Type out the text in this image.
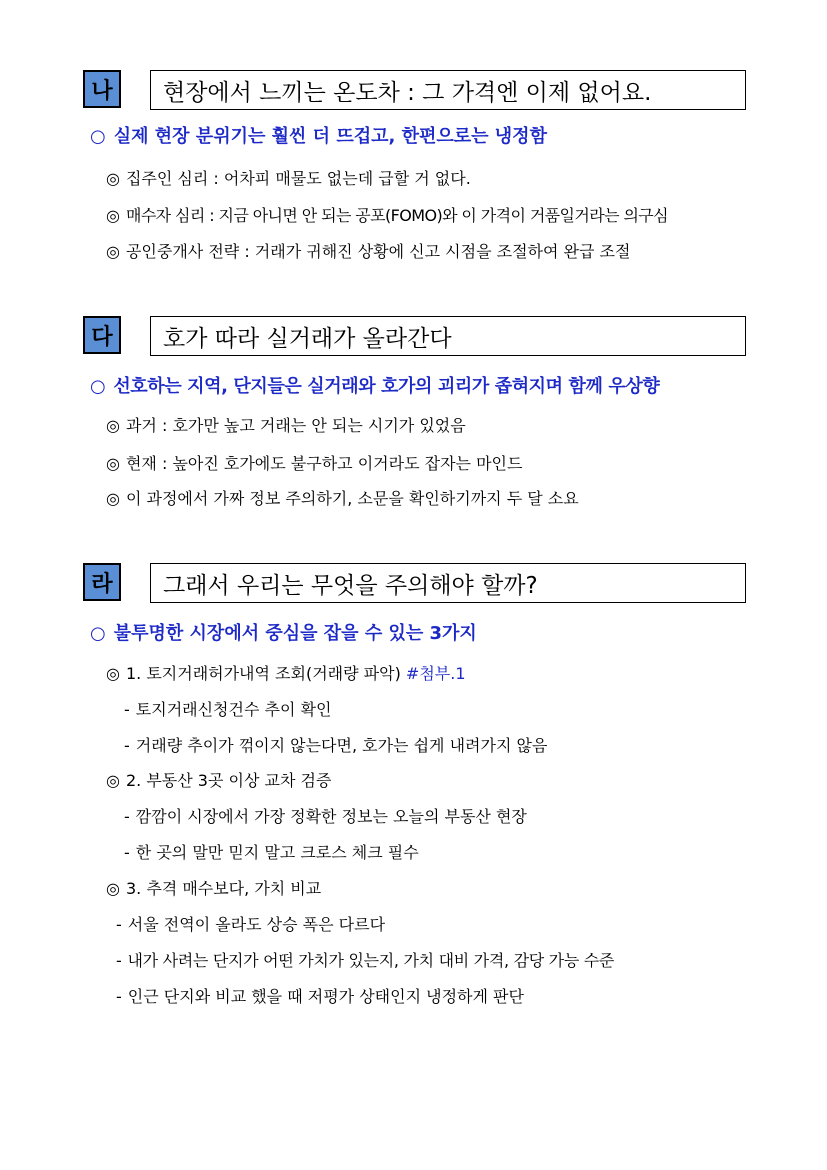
나	현장에서 느끼는 온도차 : 그 가격엔 이제 없어요.
○ 실제 현장 분위기는 훨씬 더 뜨겁고, 한편으로는 냉정함
◎ 집주인 심리 : 어차피 매물도 없는데 급할 거 없다.
◎ 매수자 심리 : 지금 아니면 안 되는 공포(FOMO)와 이 가격이 거품일거라는 의구심
◎ 공인중개사 전략 : 거래가 귀해진 상황에 신고 시점을 조절하여 완급 조절
다	호가 따라 실거래가 올라간다
○ 선호하는 지역, 단지들은 실거래와 호가의 괴리가 좁혀지며 함께 우상향
◎ 과거 : 호가만 높고 거래는 안 되는 시기가 있었음
◎ 현재 : 높아진 호가에도 불구하고 이거라도 잡자는 마인드
◎ 이 과정에서 가짜 정보 주의하기, 소문을 확인하기까지 두 달 소요
라	그래서 우리는 무엇을 주의해야 할까?
○ 불투명한 시장에서 중심을 잡을 수 있는 3가지
◎ 1. 토지거래허가내역 조회(거래량 파악) #첨부.1
- 토지거래신청건수 추이 확인
- 거래량 추이가 꺾이지 않는다면, 호가는 쉽게 내려가지 않음
◎ 2. 부동산 3곳 이상 교차 검증
- 깜깜이 시장에서 가장 정확한 정보는 오늘의 부동산 현장
- 한 곳의 말만 믿지 말고 크로스 체크 필수
◎ 3. 추격 매수보다, 가치 비교
- 서울 전역이 올라도 상승 폭은 다르다
- 내가 사려는 단지가 어떤 가치가 있는지, 가치 대비 가격, 감당 가능 수준
- 인근 단지와 비교 했을 때 저평가 상태인지 냉정하게 판단
